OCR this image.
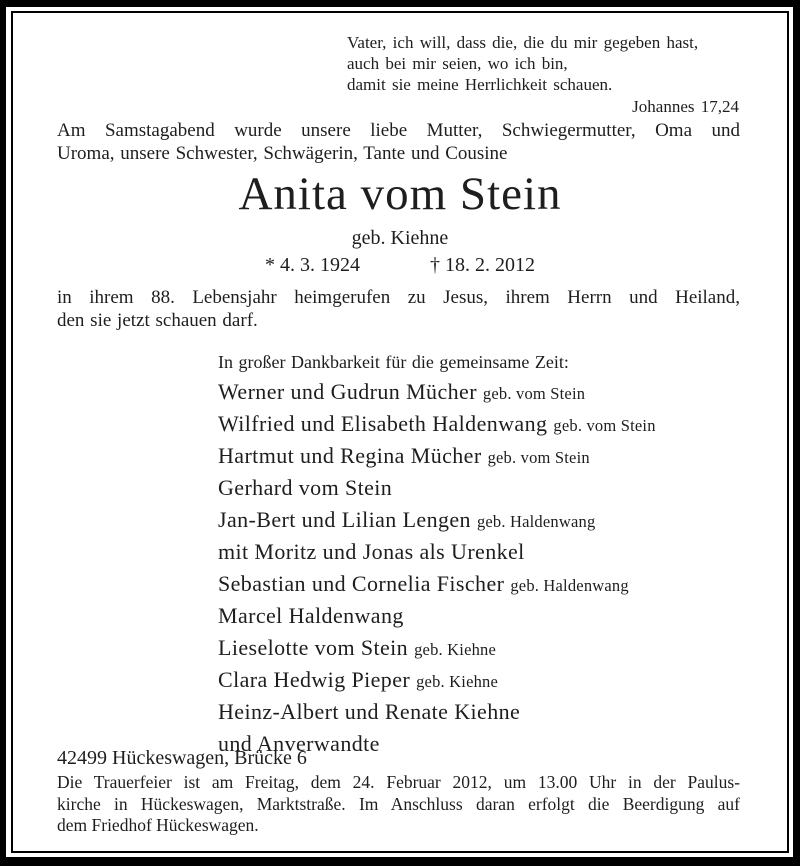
Vater, ich will, dass die, die du mir gegeben hast,
auch bei mir seien, wo ich bin,
damit sie meine Herrlichkeit schauen.
Johannes 17,24
Am Samstagabend wurde unsere liebe Mutter, Schwiegermutter, Oma und
Uroma, unsere Schwester, Schwägerin, Tante und Cousine
Anita vom Stein
geb. Kiehne
* 4. 3. 1924	† 18. 2. 2012
in ihrem 88. Lebensjahr heimgerufen zu Jesus, ihrem Herrn und Heiland,
den sie jetzt schauen darf.
In großer Dankbarkeit für die gemeinsame Zeit:
Werner und Gudrun Mücher geb. vom Stein
Wilfried und Elisabeth Haldenwang geb. vom Stein
Hartmut und Regina Mücher geb. vom Stein
Gerhard vom Stein
Jan-Bert und Lilian Lengen geb. Haldenwang
mit Moritz und Jonas als Urenkel
Sebastian und Cornelia Fischer geb. Haldenwang
Marcel Haldenwang
Lieselotte vom Stein geb. Kiehne
Clara Hedwig Pieper geb. Kiehne
Heinz-Albert und Renate Kiehne
und Anverwandte
42499 Hückeswagen, Brücke 6
Die Trauerfeier ist am Freitag, dem 24. Februar 2012, um 13.00 Uhr in der Paulus-
kirche in Hückeswagen, Marktstraße. Im Anschluss daran erfolgt die Beerdigung auf
dem Friedhof Hückeswagen.
